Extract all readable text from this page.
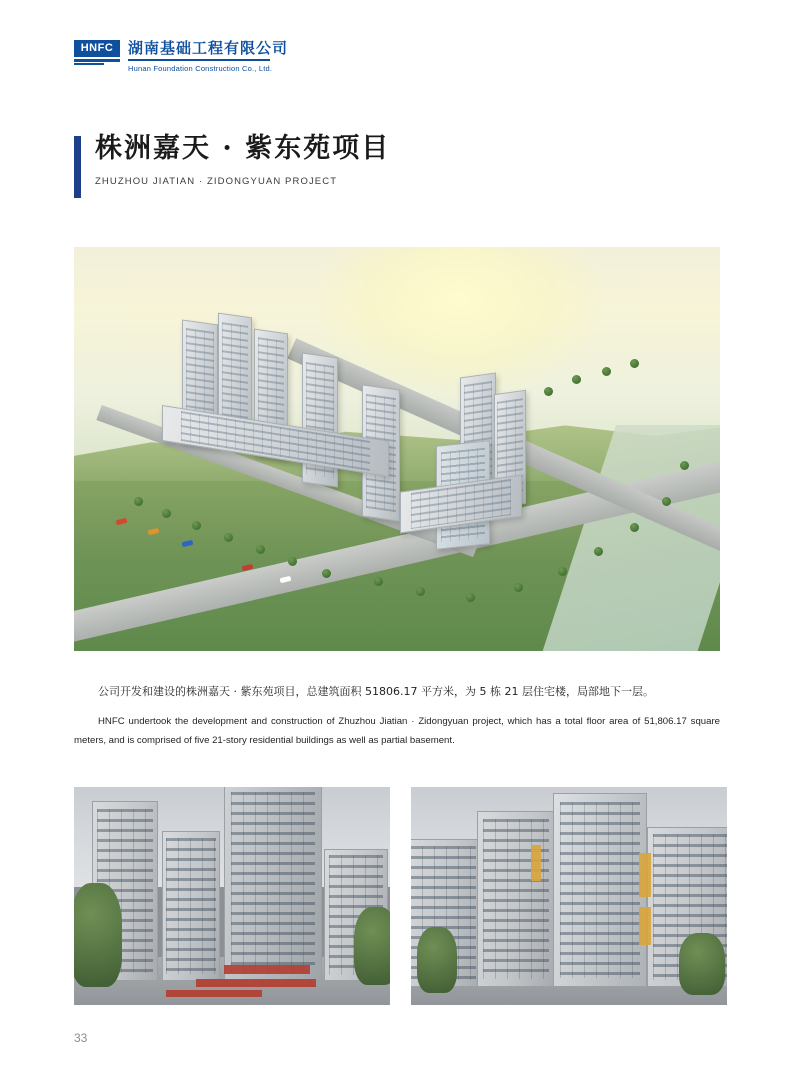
HNFC 湖南基础工程有限公司
Hunan Foundation Construction Co., Ltd.
株洲嘉天 · 紫东苑项目
ZHUZHOU JIATIAN · ZIDONGYUAN PROJECT
公司开发和建设的株洲嘉天 · 紫东苑项目，总建筑面积 51806.17 平方米，为 5 栋 21 层住宅楼，局部地下一层。
HNFC undertook the development and construction of Zhuzhou Jiatian · Zidongyuan project, which has a total floor area of 51,806.17 square meters, and is comprised of five 21-story residential buildings as well as partial basement.
33
